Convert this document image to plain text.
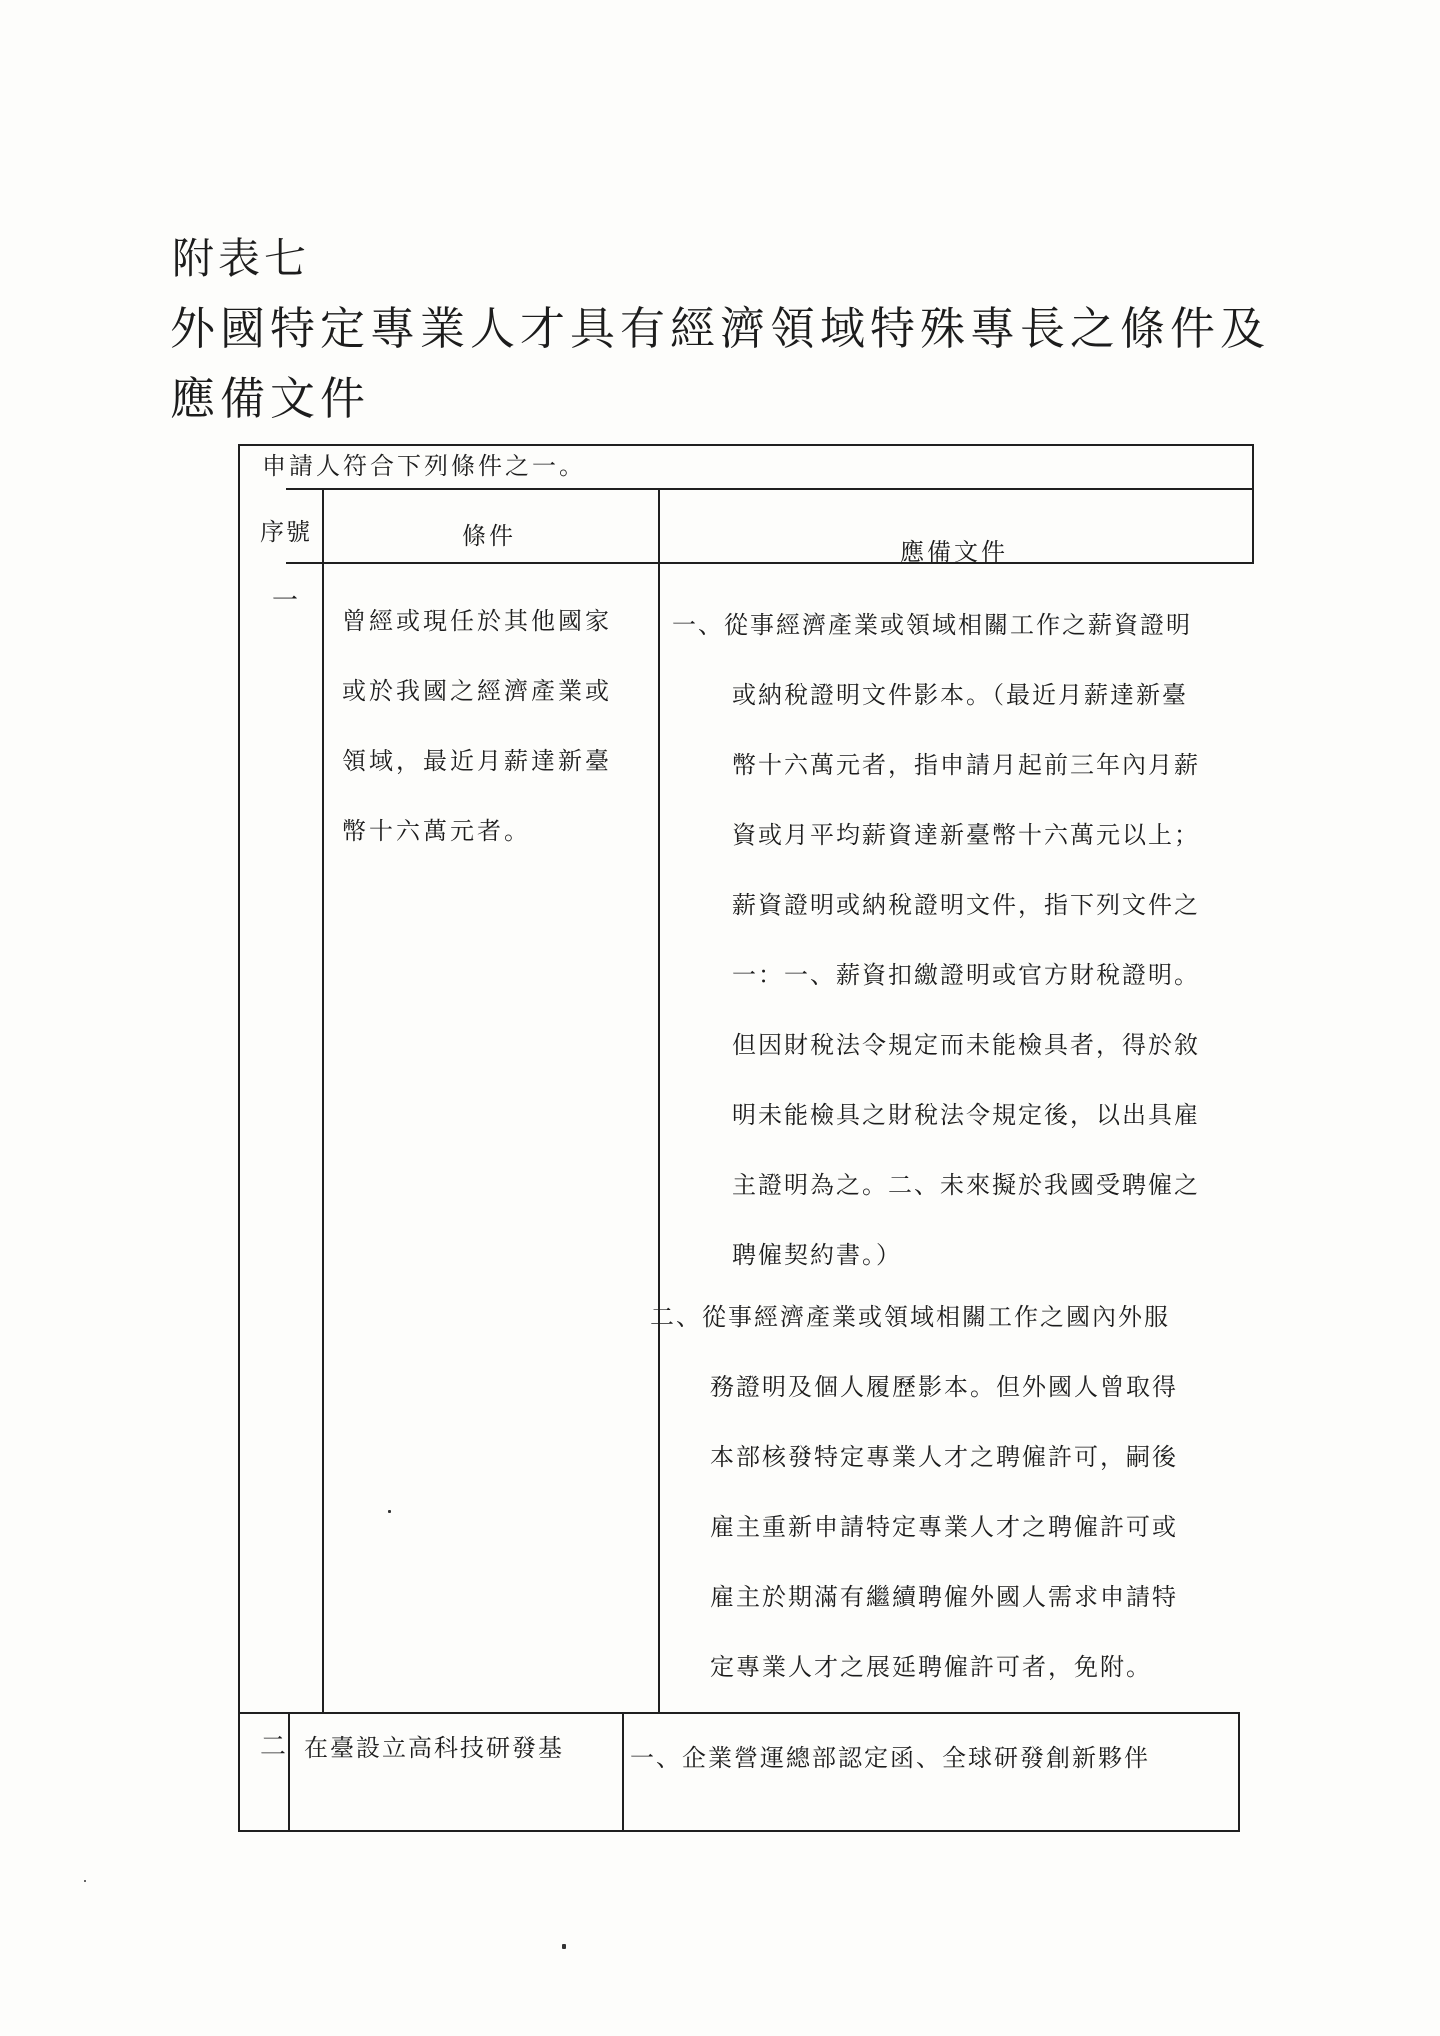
附表七
外國特定專業人才具有經濟領域特殊專長之條件及應備文件
申請人符合下列條件之一。
序號	條件
應備文件
一
曾經或現任於其他國家
或於我國之經濟產業或
領域，最近月薪達新臺
幣十六萬元者。
一、從事經濟產業或領域相關工作之薪資證明
或納稅證明文件影本。（最近月薪達新臺
幣十六萬元者，指申請月起前三年內月薪
資或月平均薪資達新臺幣十六萬元以上；
薪資證明或納稅證明文件，指下列文件之
一：一、薪資扣繳證明或官方財稅證明。
但因財稅法令規定而未能檢具者，得於敘
明未能檢具之財稅法令規定後，以出具雇
主證明為之。二、未來擬於我國受聘僱之
聘僱契約書。）
二、從事經濟產業或領域相關工作之國內外服
務證明及個人履歷影本。但外國人曾取得
本部核發特定專業人才之聘僱許可，嗣後
雇主重新申請特定專業人才之聘僱許可或
雇主於期滿有繼續聘僱外國人需求申請特
定專業人才之展延聘僱許可者，免附。
二 在臺設立高科技研發基	一、企業營運總部認定函、全球研發創新夥伴
